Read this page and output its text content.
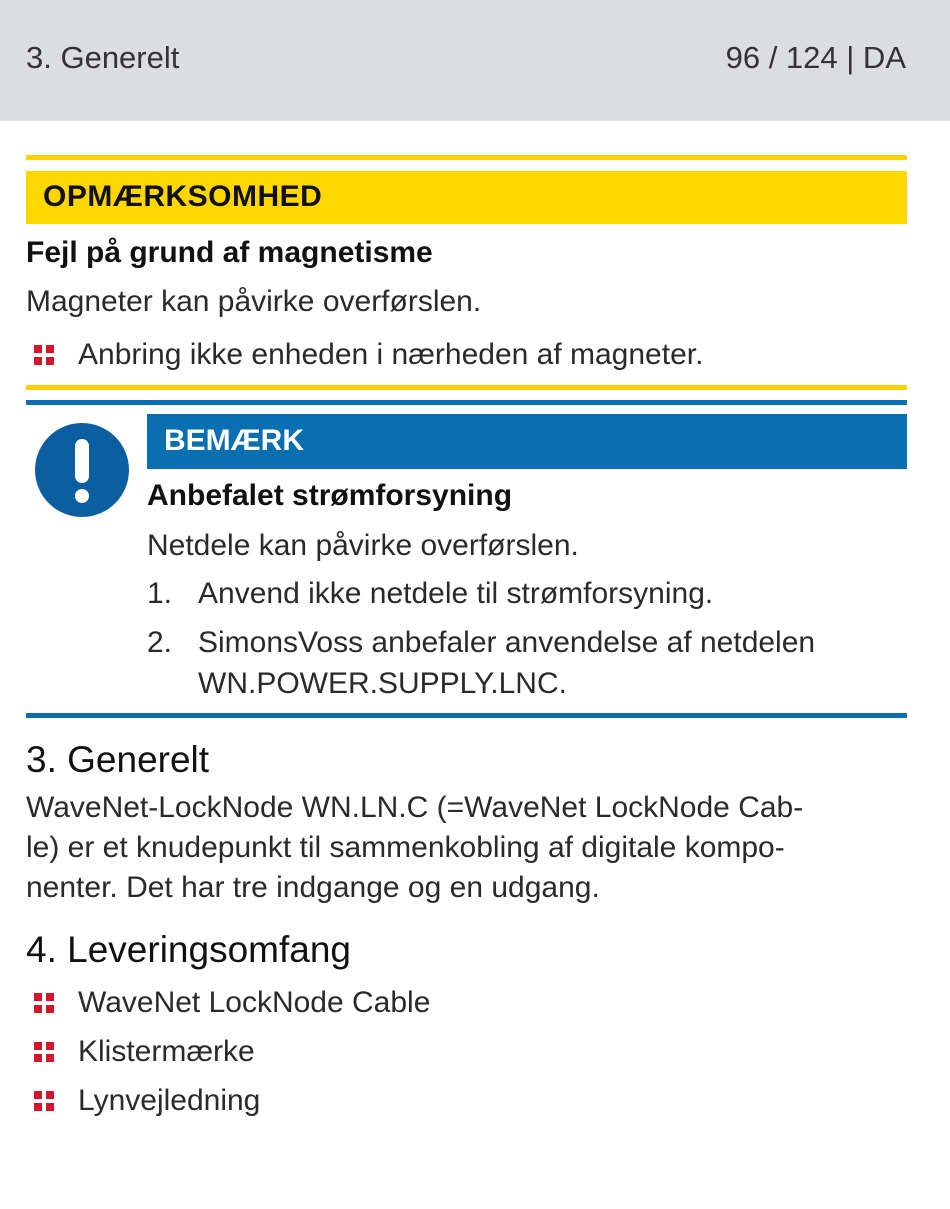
3. Generelt	96 / 124 | DA
OPMÆRKSOMHED
Fejl på grund af magnetisme
Magneter kan påvirke overførslen.
Anbring ikke enheden i nærheden af magneter.
BEMÆRK
Anbefalet strømforsyning
Netdele kan påvirke overførslen.
1. Anvend ikke netdele til strømforsyning.
2. SimonsVoss anbefaler anvendelse af netdelen
WN.POWER.SUPPLY.LNC.
3. Generelt
WaveNet-LockNode WN.LN.C (=WaveNet LockNode Cab-
le) er et knudepunkt til sammenkobling af digitale kompo-
nenter. Det har tre indgange og en udgang.
4. Leveringsomfang
WaveNet LockNode Cable
Klistermærke
Lynvejledning
